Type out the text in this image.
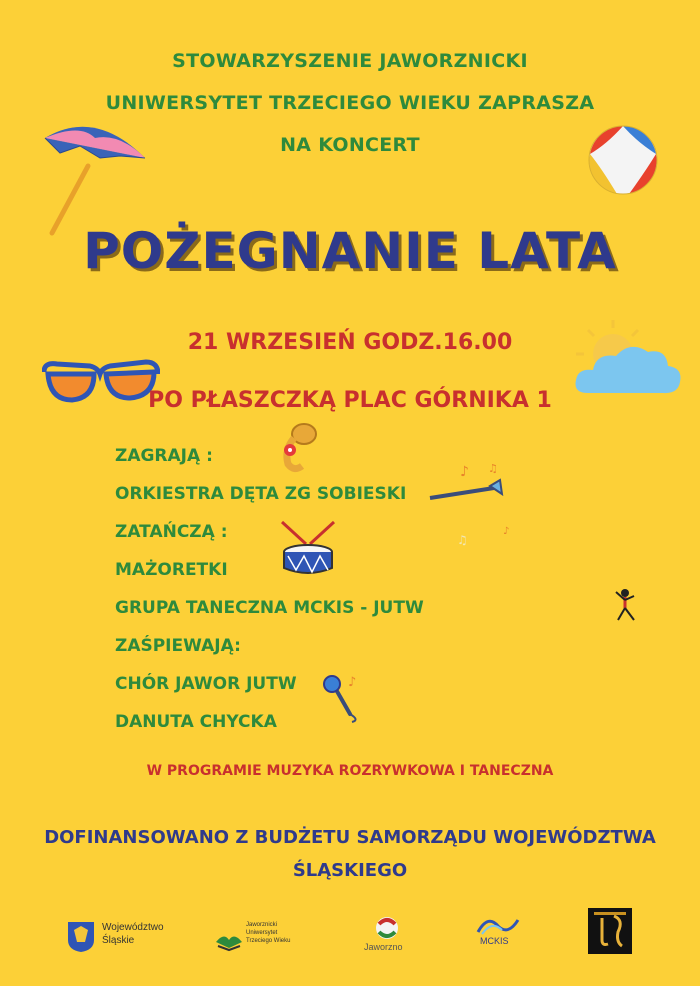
STOWARZYSZENIE JAWORZNICKI
UNIWERSYTET TRZECIEGO WIEKU ZAPRASZA
NA KONCERT
POŻEGNANIE LATA
21 WRZESIEŃ GODZ.16.00
PO PŁASZCZKĄ PLAC GÓRNIKA 1
ZAGRAJĄ :
ORKIESTRA DĘTA ZG SOBIESKI
ZATAŃCZĄ :
MAŻORETKI
GRUPA TANECZNA MCKIS - JUTW
ZAŚPIEWAJĄ:
CHÓR JAWOR JUTW
DANUTA CHYCKA
♪ ♫
♪
♫
♪
W PROGRAMIE MUZYKA ROZRYWKOWA I TANECZNA
DOFINANSOWANO Z BUDŻETU SAMORZĄDU WOJEWÓDZTWA
ŚLĄSKIEGO
Województwo
Śląskie
Jaworznicki
Uniwersytet
Trzeciego Wieku
Jaworzno
MCKIS
